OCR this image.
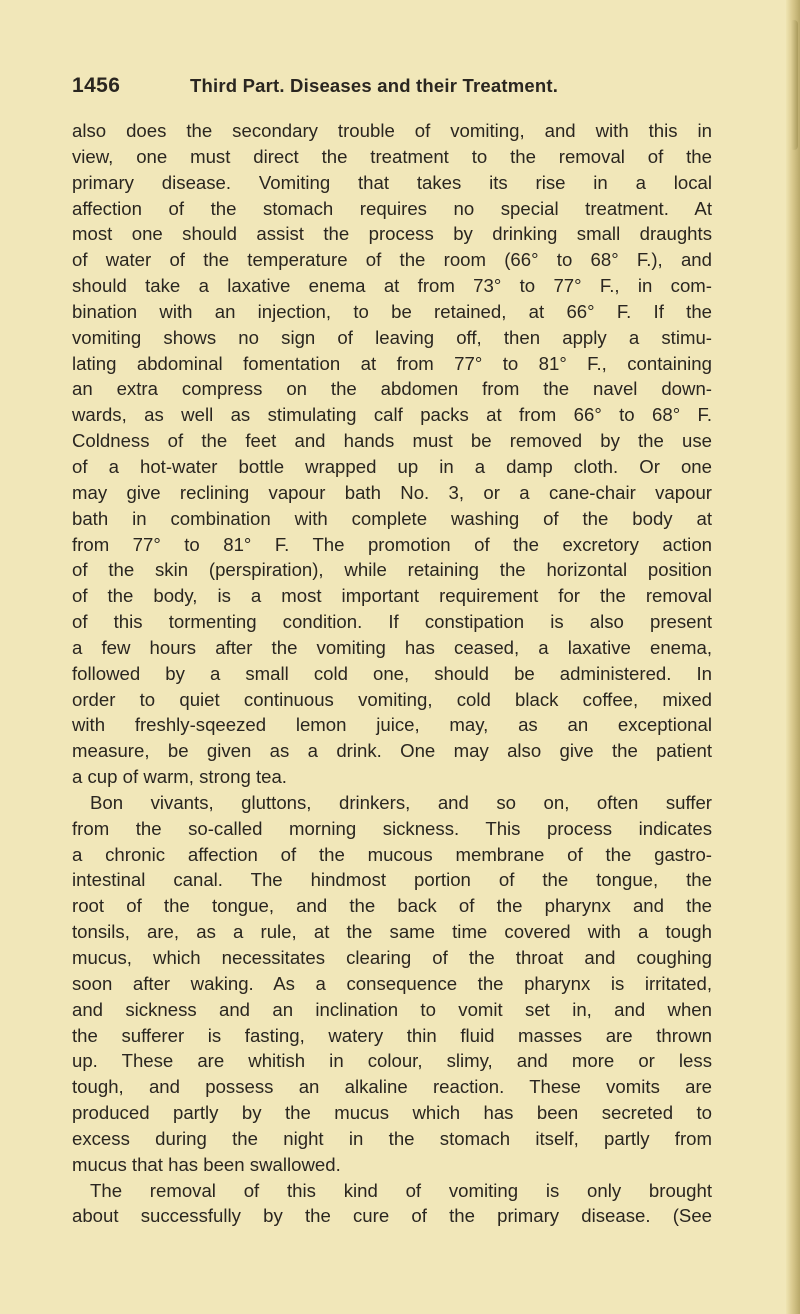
1456	Third Part. Diseases and their Treatment.
also does the secondary trouble of vomiting, and with this in
view, one must direct the treatment to the removal of the
primary disease. Vomiting that takes its rise in a local
affection of the stomach requires no special treatment. At
most one should assist the process by drinking small draughts
of water of the temperature of the room (66° to 68° F.), and
should take a laxative enema at from 73° to 77° F., in com-
bination with an injection, to be retained, at 66° F. If the
vomiting shows no sign of leaving off, then apply a stimu-
lating abdominal fomentation at from 77° to 81° F., containing
an extra compress on the abdomen from the navel down-
wards, as well as stimulating calf packs at from 66° to 68° F.
Coldness of the feet and hands must be removed by the use
of a hot-water bottle wrapped up in a damp cloth. Or one
may give reclining vapour bath No. 3, or a cane-chair vapour
bath in combination with complete washing of the body at
from 77° to 81° F. The promotion of the excretory action
of the skin (perspiration), while retaining the horizontal position
of the body, is a most important requirement for the removal
of this tormenting condition. If constipation is also present
a few hours after the vomiting has ceased, a laxative enema,
followed by a small cold one, should be administered. In
order to quiet continuous vomiting, cold black coffee, mixed
with freshly-sqeezed lemon juice, may, as an exceptional
measure, be given as a drink. One may also give the patient
a cup of warm, strong tea.
Bon vivants, gluttons, drinkers, and so on, often suffer
from the so-called morning sickness. This process indicates
a chronic affection of the mucous membrane of the gastro-
intestinal canal. The hindmost portion of the tongue, the
root of the tongue, and the back of the pharynx and the
tonsils, are, as a rule, at the same time covered with a tough
mucus, which necessitates clearing of the throat and coughing
soon after waking. As a consequence the pharynx is irritated,
and sickness and an inclination to vomit set in, and when
the sufferer is fasting, watery thin fluid masses are thrown
up. These are whitish in colour, slimy, and more or less
tough, and possess an alkaline reaction. These vomits are
produced partly by the mucus which has been secreted to
excess during the night in the stomach itself, partly from
mucus that has been swallowed.
The removal of this kind of vomiting is only brought
about successfully by the cure of the primary disease. (See
